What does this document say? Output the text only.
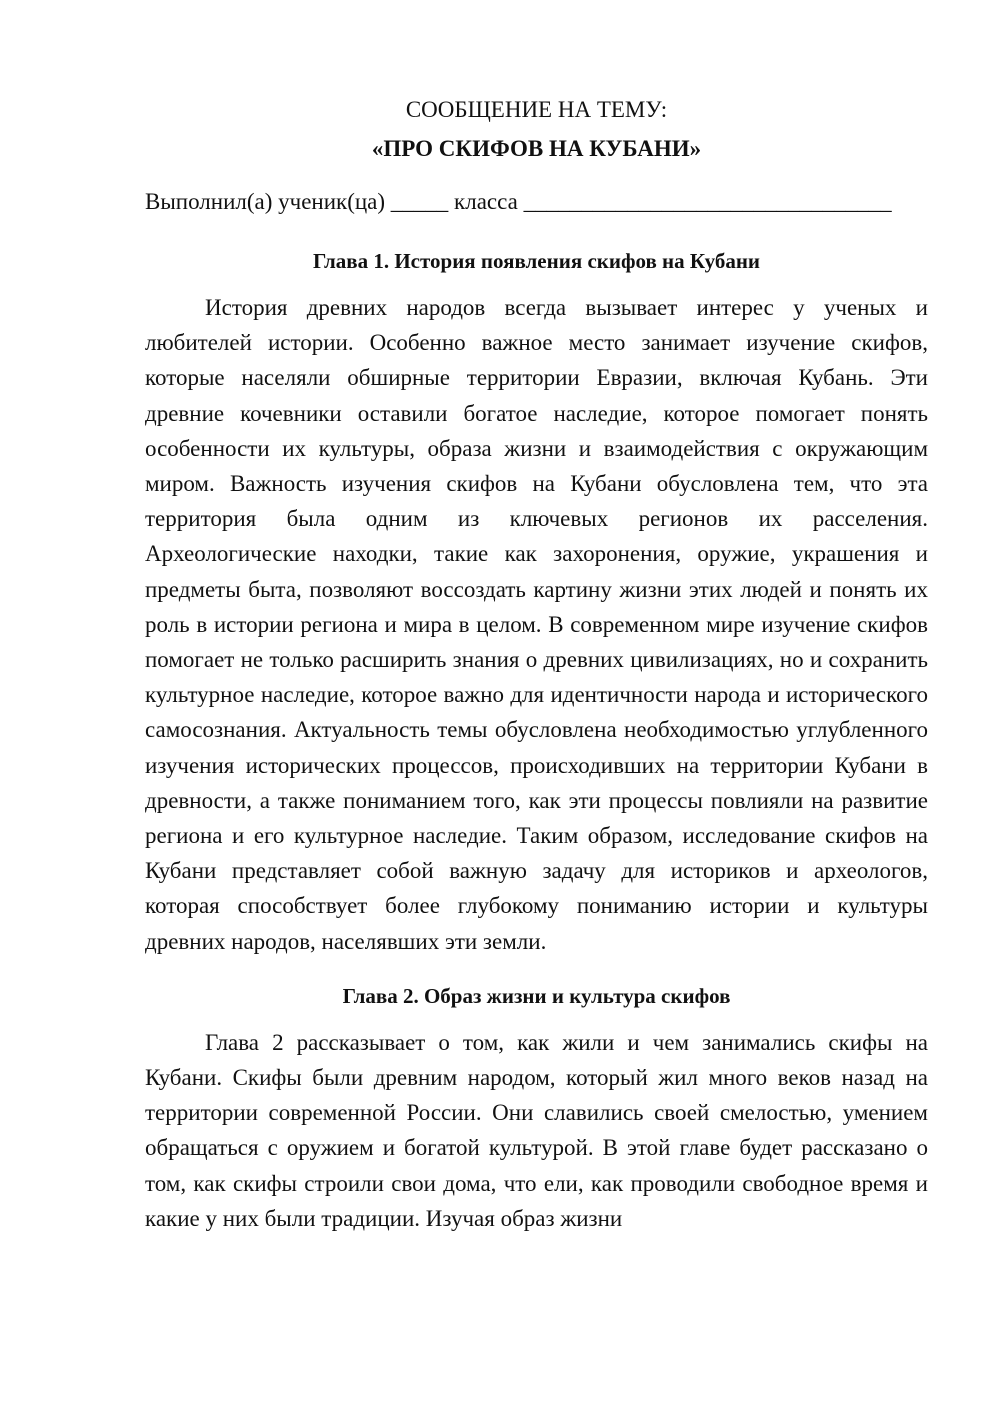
СООБЩЕНИЕ НА ТЕМУ:

«ПРО СКИФОВ НА КУБАНИ»

Выполнил(а) ученик(ца) _____ класса ________________________________
Глава 1. История появления скифов на Кубани

История древних народов всегда вызывает интерес у ученых и любителей истории. Особенно важное место занимает изучение скифов, которые населяли обширные территории Евразии, включая Кубань. Эти древние кочевники оставили богатое наследие, которое помогает понять особенности их культуры, образа жизни и взаимодействия с окружающим миром. Важность изучения скифов на Кубани обусловлена тем, что эта территория была одним из ключевых регионов их расселения. Археологические находки, такие как захоронения, оружие, украшения и предметы быта, позволяют воссоздать картину жизни этих людей и понять их роль в истории региона и мира в целом. В современном мире изучение скифов помогает не только расширить знания о древних цивилизациях, но и сохранить культурное наследие, которое важно для идентичности народа и исторического самосознания. Актуальность темы обусловлена необходимостью углубленного изучения исторических процессов, происходивших на территории Кубани в древности, а также пониманием того, как эти процессы повлияли на развитие региона и его культурное наследие. Таким образом, исследование скифов на Кубани представляет собой важную задачу для историков и археологов, которая способствует более глубокому пониманию истории и культуры древних народов, населявших эти земли.

Глава 2. Образ жизни и культура скифов

Глава 2 рассказывает о том, как жили и чем занимались скифы на Кубани. Скифы были древним народом, который жил много веков назад на территории современной России. Они славились своей смелостью, умением обращаться с оружием и богатой культурой. В этой главе будет рассказано о том, как скифы строили свои дома, что ели, как проводили свободное время и какие у них были традиции. Изучая образ жизни
